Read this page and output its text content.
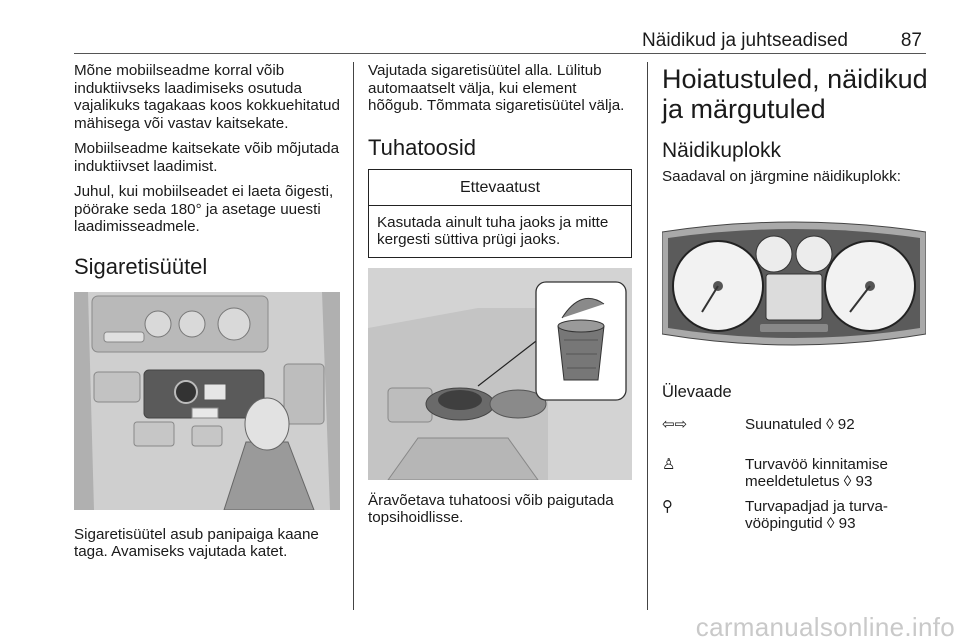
Näidikud ja juhtseadised	87

Mõne mobiilseadme korral võib induktiivseks laadimiseks osutuda vajalikuks tagakaas koos kokkuehitatud mähisega või vastav kaitsekate.

Mobiilseadme kaitsekate võib mõjutada induktiivset laadimist.

Juhul, kui mobiilseadet ei laeta õigesti, pöörake seda 180° ja asetage uuesti laadimisseadmele.

Sigaretisüütel

Sigaretisüütel asub panipaiga kaane taga. Avamiseks vajutada katet.

Vajutada sigaretisüütel alla. Lülitub automaatselt välja, kui element hõõgub. Tõmmata sigaretisüütel välja.

Tuhatoosid
Ettevaatust
Kasutada ainult tuha jaoks ja mitte kergesti süttiva prügi jaoks.

Äravõetava tuhatoosi võib paigutada topsihoidlisse.

Hoiatustuled, näidikud ja märgutuled
Näidikuplokk

Saadaval on järgmine näidikuplokk:

Ülevaade
⇦⇨	Suunatuled ◊ 92
♙	Turvavöö kinnitamise meeldetuletus ◊ 93
⚲	Turvapadjad ja turva-vööpingutid ◊ 93
carmanualsonline.info
